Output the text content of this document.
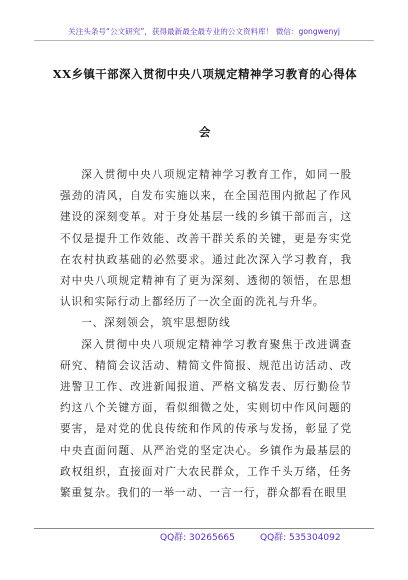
关注头条号“公文研究”，获得最新最全最专业的公文资料库！ 微信：gongwenyj
XX乡镇干部深入贯彻中央八项规定精神学习教育的心得体
会

深入贯彻中央八项规定精神学习教育工作，如同一股强劲的清风，自发布实施以来，在全国范围内掀起了作风建设的深刻变革。对于身处基层一线的乡镇干部而言，这不仅是提升工作效能、改善干群关系的关键，更是夯实党在农村执政基础的必然要求。通过此次深入学习教育，我对中央八项规定精神有了更为深刻、透彻的领悟，在思想认识和实际行动上都经历了一次全面的洗礼与升华。

一、深刻领会，筑牢思想防线

深入贯彻中央八项规定精神学习教育聚焦于改进调查研究、精简会议活动、精简文件简报、规范出访活动、改进警卫工作、改进新闻报道、严格文稿发表、厉行勤俭节约这八个关键方面，看似细微之处，实则切中作风问题的要害，是对党的优良传统和作风的传承与发扬，彰显了党中央直面问题、从严治党的坚定决心。乡镇作为最基层的政权组织，直接面对广大农民群众，工作千头万绪，任务繁重复杂。我们的一举一动、一言一行，群众都看在眼里

QQ群: 30265665	QQ群: 535304092
